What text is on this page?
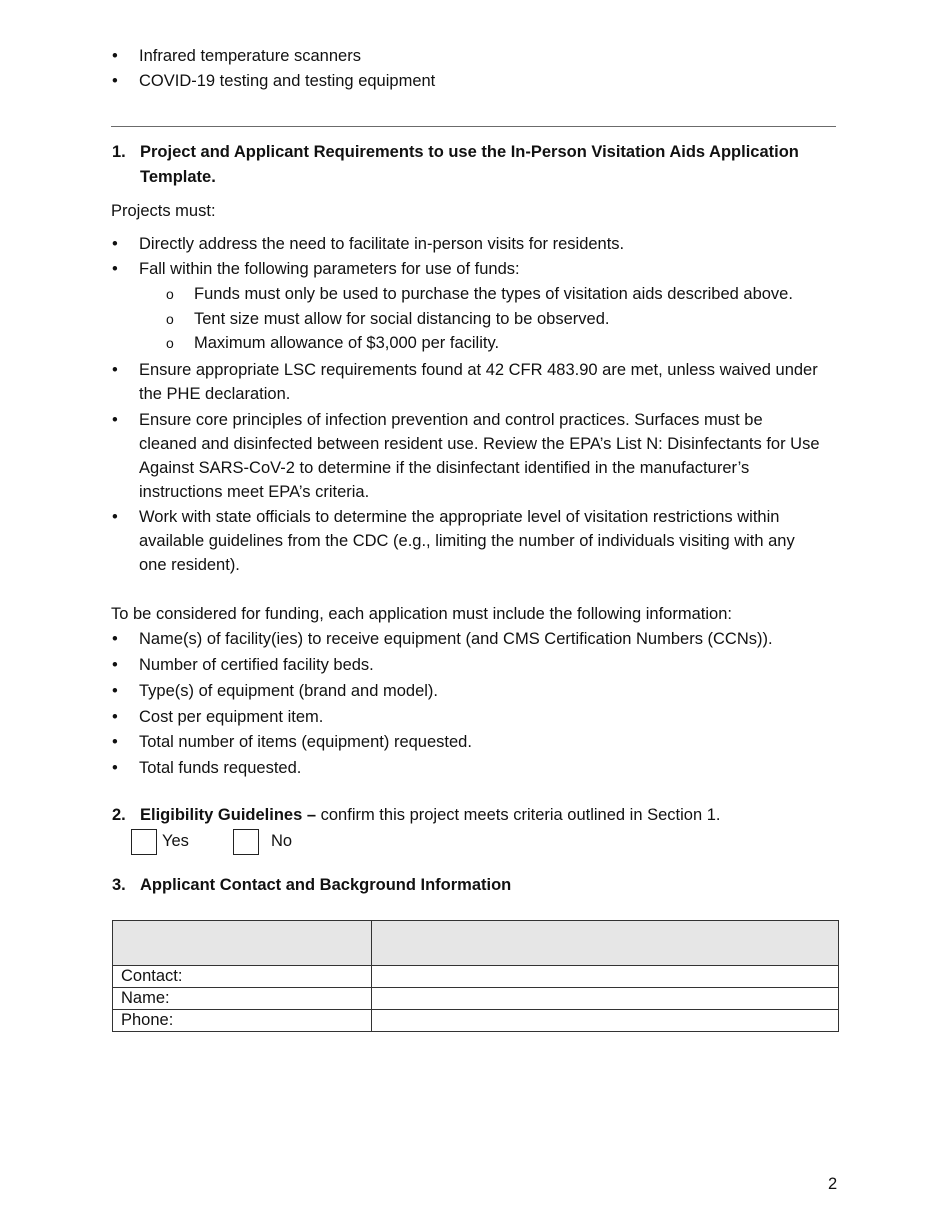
•	Infrared temperature scanners
•	COVID-19 testing and testing equipment
1. Project and Applicant Requirements to use the In-Person Visitation Aids Application
Template.
Projects must:
•	Directly address the need to facilitate in-person visits for residents.
•	Fall within the following parameters for use of funds:
o	Funds must only be used to purchase the types of visitation aids described above.
o	Tent size must allow for social distancing to be observed.
o	Maximum allowance of $3,000 per facility.
•	Ensure appropriate LSC requirements found at 42 CFR 483.90 are met, unless waived under
the PHE declaration.
•	Ensure core principles of infection prevention and control practices. Surfaces must be
cleaned and disinfected between resident use. Review the EPA’s List N: Disinfectants for Use
Against SARS-CoV-2 to determine if the disinfectant identified in the manufacturer’s
instructions meet EPA’s criteria.
•	Work with state officials to determine the appropriate level of visitation restrictions within
available guidelines from the CDC (e.g., limiting the number of individuals visiting with any
one resident).
To be considered for funding, each application must include the following information:
•	Name(s) of facility(ies) to receive equipment (and CMS Certification Numbers (CCNs)).
•	Number of certified facility beds.
•	Type(s) of equipment (brand and model).
•	Cost per equipment item.
•	Total number of items (equipment) requested.
•	Total funds requested.
2. Eligibility Guidelines – confirm this project meets criteria outlined in Section 1.
Yes	No
3. Applicant Contact and Background Information

Contact:	
Name:	
Phone:	
2
